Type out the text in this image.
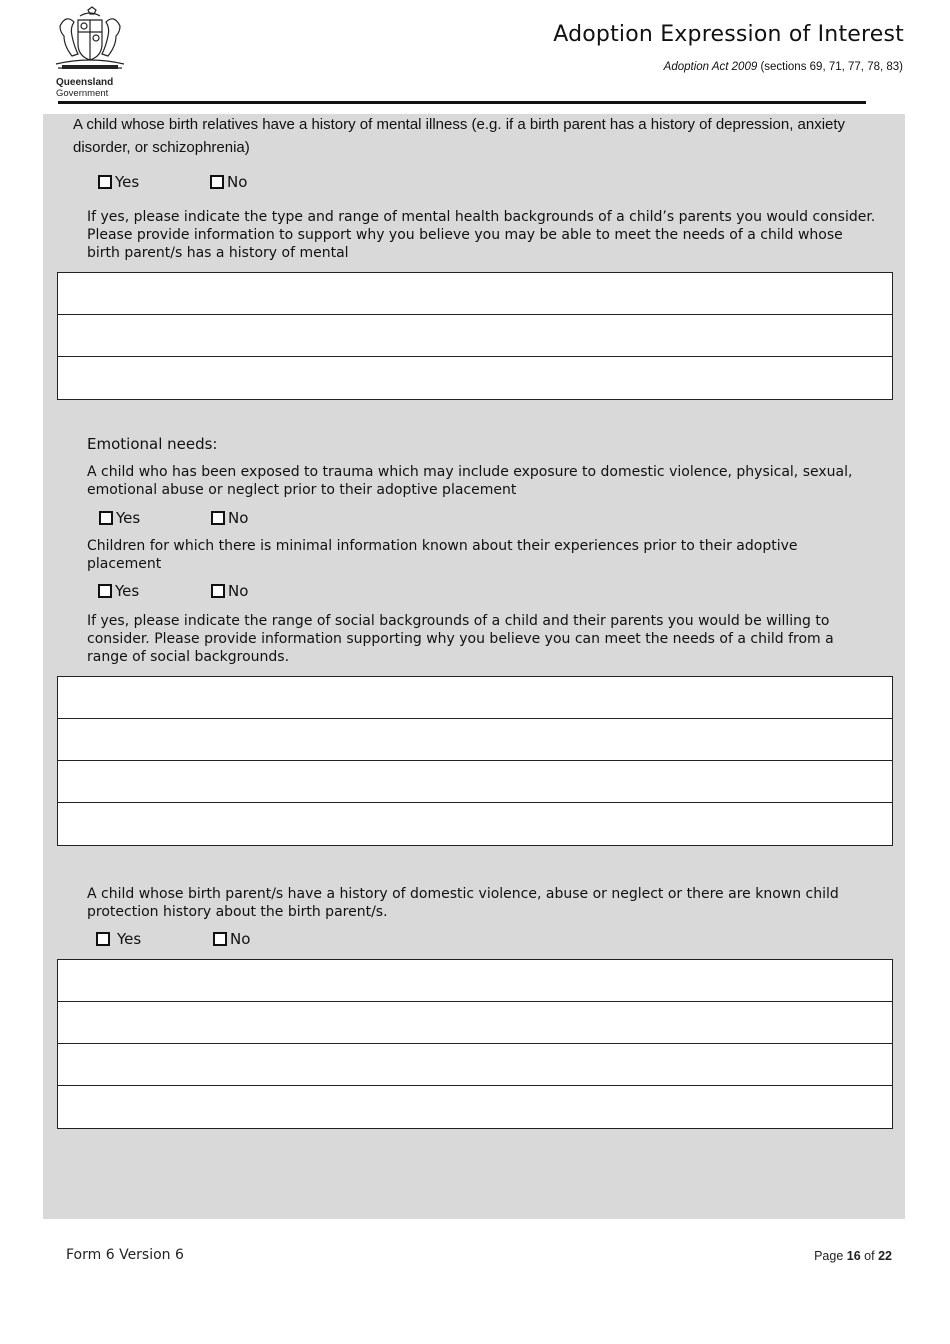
Queensland
Government
Adoption Expression of Interest
Adoption Act 2009 (sections 69, 71, 77, 78, 83)
A child whose birth relatives have a history of mental illness (e.g. if a birth parent has a history of depression, anxiety disorder, or schizophrenia)
Yes	No
If yes, please indicate the type and range of mental health backgrounds of a child’s parents you would consider. Please provide information to support why you believe you may be able to meet the needs of a child whose birth parent/s has a history of mental
Emotional needs:
A child who has been exposed to trauma which may include exposure to domestic violence, physical, sexual, emotional abuse or neglect prior to their adoptive placement
Yes	No
Children for which there is minimal information known about their experiences prior to their adoptive placement
Yes	No
If yes, please indicate the range of social backgrounds of a child and their parents you would be willing to consider. Please provide information supporting why you believe you can meet the needs of a child from a range of social backgrounds.
A child whose birth parent/s have a history of domestic violence, abuse or neglect or there are known child protection history about the birth parent/s.
Yes	No
Form 6 Version 6	Page 16 of 22
